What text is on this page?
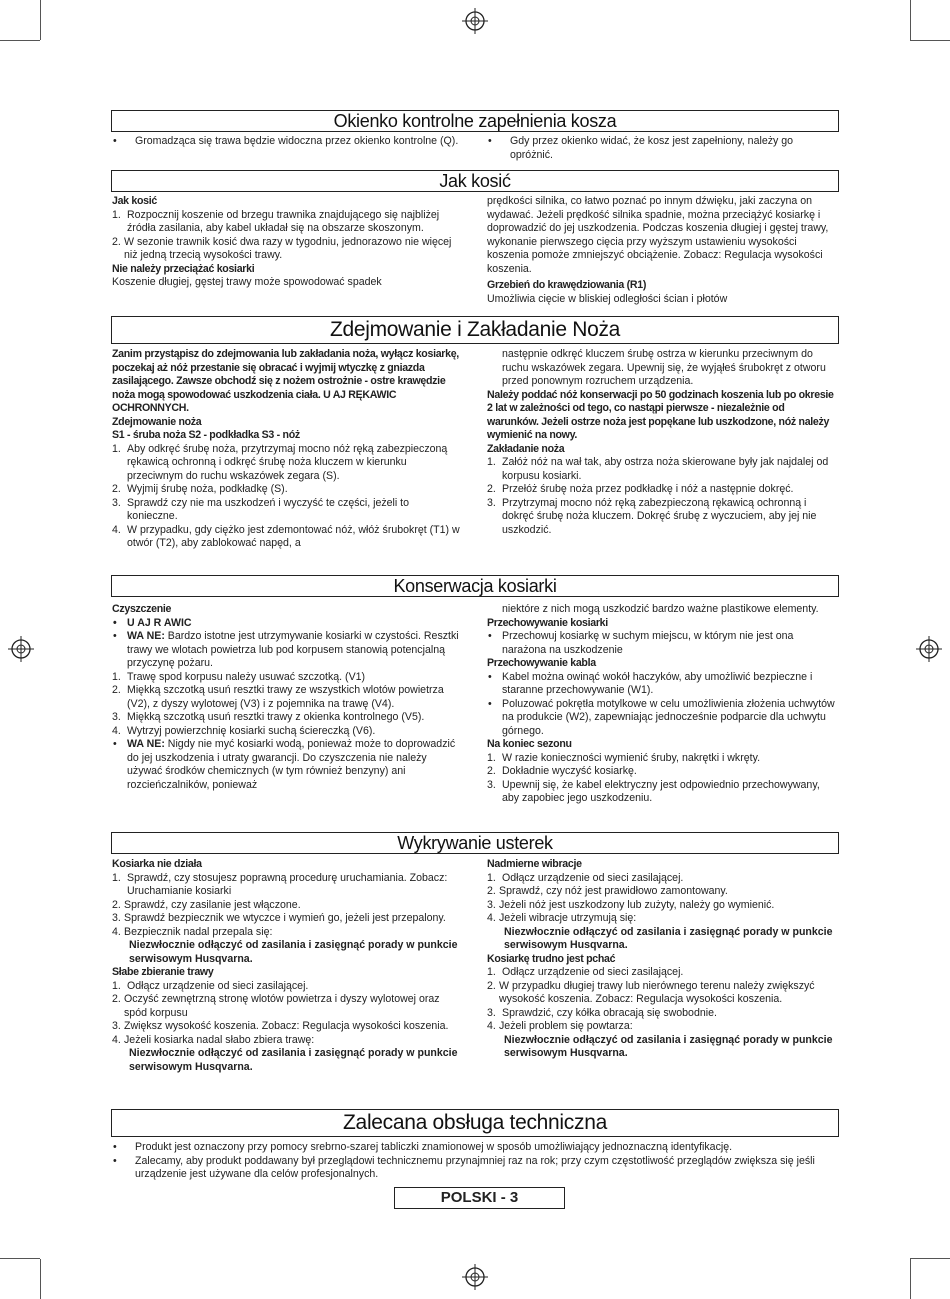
Okienko kontrolne zapełnienia kosza
• Gromadząca się trawa będzie widoczna przez okienko kontrolne (Q).
•	Gdy przez okienko widać, że kosz jest zapełniony, należy go opróżnić.
Jak kosić
Jak kosić
1. Rozpocznij koszenie od brzegu trawnika znajdującego się najbliżej źródła zasilania, aby kabel układał się na obszarze skoszonym.
2. W sezonie trawnik kosić dwa razy w tygodniu, jednorazowo nie więcej niż jedną trzecią wysokości trawy.
Nie należy przeciążać kosiarki
Koszenie długiej, gęstej trawy może spowodować spadek
prędkości silnika, co łatwo poznać po innym dźwięku, jaki zaczyna on wydawać. Jeżeli prędkość silnika spadnie, można przeciążyć kosiarkę i doprowadzić do jej uszkodzenia. Podczas koszenia długiej i gęstej trawy, wykonanie pierwszego cięcia przy wyższym ustawieniu wysokości koszenia pomoże zmniejszyć obciążenie. Zobacz: Regulacja wysokości koszenia.
Grzebień do krawędziowania (R1)
Umożliwia cięcie w bliskiej odległości ścian i płotów
Zdejmowanie i Zakładanie Noża
Zanim przystąpisz do zdejmowania lub zakładania noża, wyłącz kosiarkę, poczekaj aż nóż przestanie się obracać i wyjmij wtyczkę z gniazda zasilającego. Zawsze obchodź się z nożem ostrożnie - ostre krawędzie noża mogą spowodować uszkodzenia ciała. U AJ RĘKAWIC OCHRONNYCH.
Zdejmowanie noża
S1 - śruba noża S2 - podkładka S3 - nóż
1. Aby odkręć śrubę noża, przytrzymaj mocno nóż ręką zabezpieczoną rękawicą ochronną i odkręć śrubę noża kluczem w kierunku przeciwnym do ruchu wskazówek zegara (S).
2. Wyjmij śrubę noża, podkładkę (S).
3. Sprawdź czy nie ma uszkodzeń i wyczyść te części, jeżeli to konieczne.
4. W przypadku, gdy ciężko jest zdemontować nóż, włóż śrubokręt (T1) w otwór (T2), aby zablokować napęd, a
następnie odkręć kluczem śrubę ostrza w kierunku przeciwnym do ruchu wskazówek zegara. Upewnij się, że wyjąłeś śrubokręt z otworu przed ponownym rozruchem urządzenia.
Należy poddać nóż konserwacji po 50 godzinach koszenia lub po okresie 2 lat w zależności od tego, co nastąpi pierwsze - niezależnie od warunków. Jeżeli ostrze noża jest popękane lub uszkodzone, nóż należy wymienić na nowy.
Zakładanie noża
1. Załóż nóż na wał tak, aby ostrza noża skierowane były jak najdalej od korpusu kosiarki.
2. Przełóż śrubę noża przez podkładkę i nóż a następnie dokręć.
3. Przytrzymaj mocno nóż ręką zabezpieczoną rękawicą ochronną i dokręć śrubę noża kluczem. Dokręć śrubę z wyczuciem, aby jej nie uszkodzić.
Konserwacja kosiarki
Czyszczenie
• U AJ R AWIC
• WA NE: Bardzo istotne jest utrzymywanie kosiarki w czystości. Resztki trawy we wlotach powietrza lub pod korpusem stanowią potencjalną przyczynę pożaru.
1. Trawę spod korpusu należy usuwać szczotką. (V1)
2. Miękką szczotką usuń resztki trawy ze wszystkich wlotów powietrza (V2), z dyszy wylotowej (V3) i z pojemnika na trawę (V4).
3. Miękką szczotką usuń resztki trawy z okienka kontrolnego (V5).
4. Wytrzyj powierzchnię kosiarki suchą ściereczką (V6).
• WA NE: Nigdy nie myć kosiarki wodą, ponieważ może to doprowadzić do jej uszkodzenia i utraty gwarancji. Do czyszczenia nie należy używać środków chemicznych (w tym również benzyny) ani rozcieńczalników, ponieważ
niektóre z nich mogą uszkodzić bardzo ważne plastikowe elementy.
Przechowywanie kosiarki
• Przechowuj kosiarkę w suchym miejscu, w którym nie jest ona narażona na uszkodzenie
Przechowywanie kabla
• Kabel można owinąć wokół haczyków, aby umożliwić bezpieczne i staranne przechowywanie (W1).
• Poluzować pokrętła motylkowe w celu umożliwienia złożenia uchwytów na produkcie (W2), zapewniając jednocześnie podparcie dla uchwytu górnego.
Na koniec sezonu
1. W razie konieczności wymienić śruby, nakrętki i wkręty.
2. Dokładnie wyczyść kosiarkę.
3. Upewnij się, że kabel elektryczny jest odpowiednio przechowywany, aby zapobiec jego uszkodzeniu.
Wykrywanie usterek
Kosiarka nie działa
1. Sprawdź, czy stosujesz poprawną procedurę uruchamiania. Zobacz: Uruchamianie kosiarki
2. Sprawdź, czy zasilanie jest włączone.
3. Sprawdź bezpiecznik we wtyczce i wymień go, jeżeli jest przepalony.
4. Bezpiecznik nadal przepala się:
Niezwłocznie odłączyć od zasilania i zasięgnąć porady w punkcie serwisowym Husqvarna.
Słabe zbieranie trawy
1. Odłącz urządzenie od sieci zasilającej.
2. Oczyść zewnętrzną stronę wlotów powietrza i dyszy wylotowej oraz spód korpusu
3. Zwiększ wysokość koszenia. Zobacz: Regulacja wysokości koszenia.
4. Jeżeli kosiarka nadal słabo zbiera trawę:
Niezwłocznie odłączyć od zasilania i zasięgnąć porady w punkcie serwisowym Husqvarna.
Nadmierne wibracje
1. Odłącz urządzenie od sieci zasilającej.
2. Sprawdź, czy nóż jest prawidłowo zamontowany.
3. Jeżeli nóż jest uszkodzony lub zużyty, należy go wymienić.
4. Jeżeli wibracje utrzymują się:
Niezwłocznie odłączyć od zasilania i zasięgnąć porady w punkcie serwisowym Husqvarna.
Kosiarkę trudno jest pchać
1. Odłącz urządzenie od sieci zasilającej.
2. W przypadku długiej trawy lub nierównego terenu należy zwiększyć wysokość koszenia. Zobacz: Regulacja wysokości koszenia.
3. Sprawdzić, czy kółka obracają się swobodnie.
4. Jeżeli problem się powtarza:
Niezwłocznie odłączyć od zasilania i zasięgnąć porady w punkcie serwisowym Husqvarna.
Zalecana obsługa techniczna
• Produkt jest oznaczony przy pomocy srebrno-szarej tabliczki znamionowej w sposób umożliwiający jednoznaczną identyfikację.
• Zalecamy, aby produkt poddawany był przeglądowi technicznemu przynajmniej raz na rok; przy czym częstotliwość przeglądów zwiększa się jeśli urządzenie jest używane dla celów profesjonalnych.
POLSKI - 3
